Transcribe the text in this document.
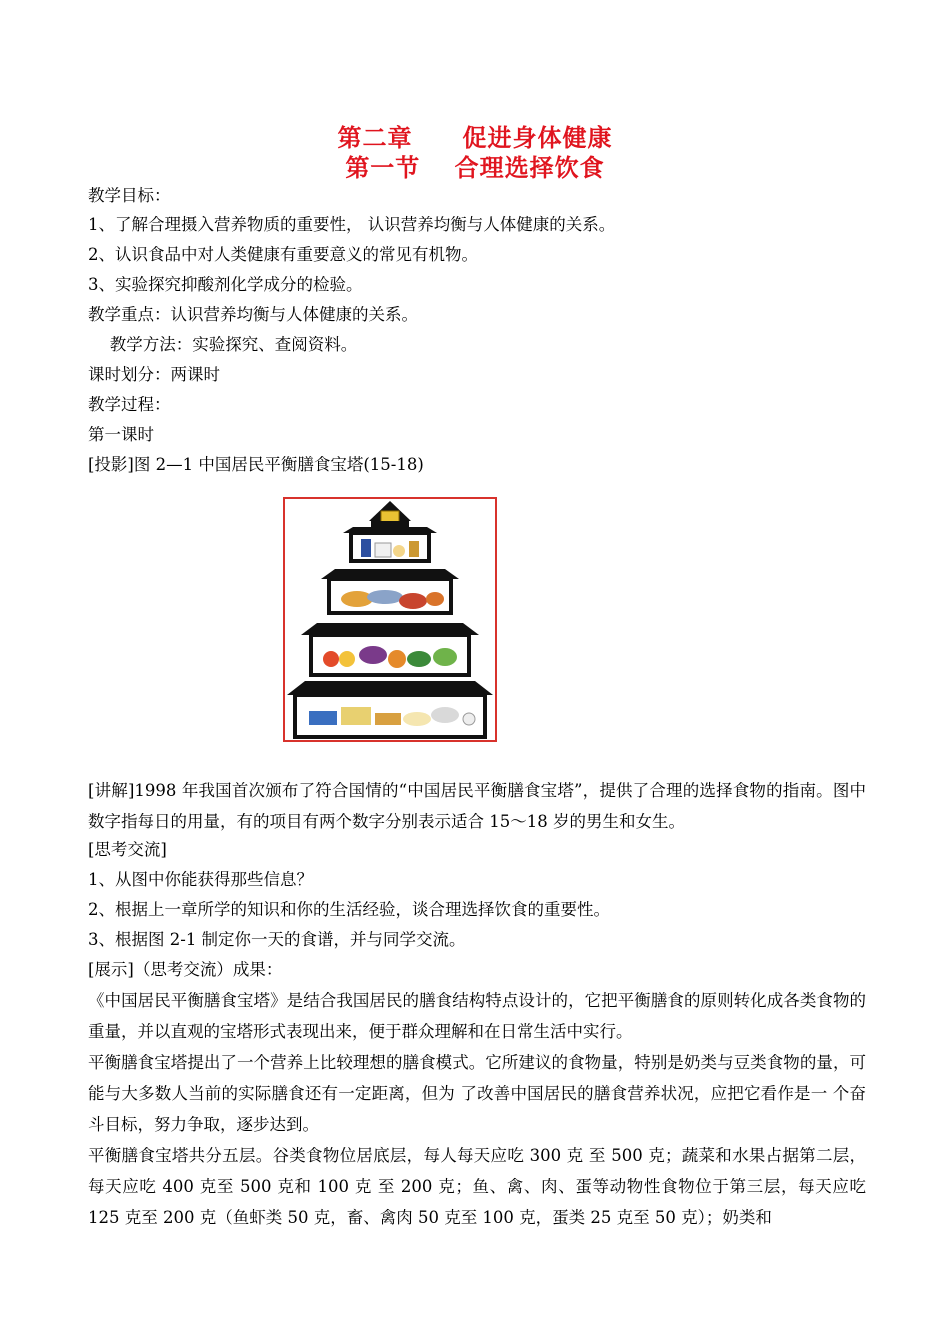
第二章　　促进身体健康
第一节　 合理选择饮食
教学目标：
1、了解合理摄入营养物质的重要性， 认识营养均衡与人体健康的关系。
2、认识食品中对人类健康有重要意义的常见有机物。
3、实验探究抑酸剂化学成分的检验。
教学重点：认识营养均衡与人体健康的关系。
　 教学方法：实验探究、查阅资料。
课时划分：两课时
教学过程：
第一课时
[投影]图 2—1 中国居民平衡膳食宝塔(15-18)

[讲解]1998 年我国首次颁布了符合国情的“中国居民平衡膳食宝塔”，提供了合理的选择食物的指南。图中数字指每日的用量，有的项目有两个数字分别表示适合 15～18 岁的男生和女生。

[思考交流]
1、从图中你能获得那些信息？
2、根据上一章所学的知识和你的生活经验，谈合理选择饮食的重要性。
3、根据图 2-1 制定你一天的食谱，并与同学交流。
[展示]（思考交流）成果：

《中国居民平衡膳食宝塔》是结合我国居民的膳食结构特点设计的，它把平衡膳食的原则转化成各类食物的重量，并以直观的宝塔形式表现出来，便于群众理解和在日常生活中实行。

平衡膳食宝塔提出了一个营养上比较理想的膳食模式。它所建议的食物量，特别是奶类与豆类食物的量，可能与大多数人当前的实际膳食还有一定距离，但为 了改善中国居民的膳食营养状况，应把它看作是一 个奋斗目标，努力争取，逐步达到。

平衡膳食宝塔共分五层。谷类食物位居底层，每人每天应吃 300 克 至 500 克；蔬菜和水果占据第二层，每天应吃 400 克至 500 克和 100 克 至 200 克；鱼、禽、肉、蛋等动物性食物位于第三层，每天应吃 125 克至 200 克（鱼虾类 50 克，畜、禽肉 50 克至 100 克，蛋类 25 克至 50 克）；奶类和
